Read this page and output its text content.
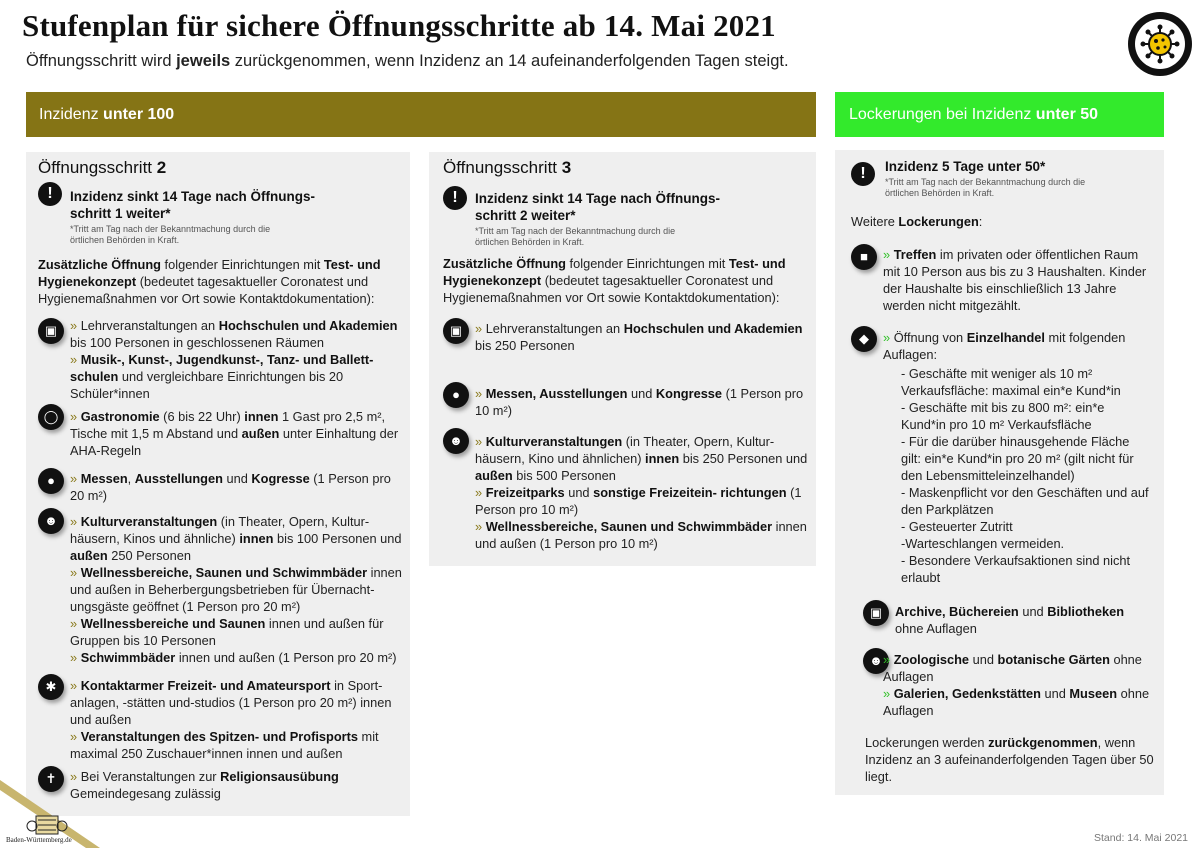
Stufenplan für sichere Öffnungsschritte ab 14. Mai 2021
Öffnungsschritt wird jeweils zurückgenommen, wenn Inzidenz an 14 aufeinanderfolgenden Tagen steigt.
Inzidenz unter 100	Lockerungen bei Inzidenz unter 50
Öffnungsschritt 2
!	Inzidenz sinkt 14 Tage nach Öffnungs- schritt 1 weiter*
*Tritt am Tag nach der Bekanntmachung durch die örtlichen Behörden in Kraft.
Zusätzliche Öffnung folgender Einrichtungen mit Test- und Hygienekonzept (bedeutet tagesaktueller Coronatest und Hygienemaßnahmen vor Ort sowie Kontaktdokumentation):
▣	» Lehrveranstaltungen an Hochschulen und Akademien bis 100 Personen in geschlossenen Räumen
» Musik-, Kunst-, Jugendkunst-, Tanz- und Ballett- schulen und vergleichbare Einrichtungen bis 20 Schüler*innen
◯ » Gastronomie (6 bis 22 Uhr) innen 1 Gast pro 2,5 m², Tische mit 1,5 m Abstand und außen unter Einhaltung der AHA-Regeln
●	» Messen, Ausstellungen und Kogresse (1 Person pro 20 m²)
☻ » Kulturveranstaltungen (in Theater, Opern, Kultur- häusern, Kinos und ähnliche) innen bis 100 Personen und außen 250 Personen
» Wellnessbereiche, Saunen und Schwimmbäder innen und außen in Beherbergungsbetrieben für Übernacht- ungsgäste geöffnet (1 Person pro 20 m²)
» Wellnessbereiche und Saunen innen und außen für Gruppen bis 10 Personen
» Schwimmbäder innen und außen (1 Person pro 20 m²)
✱	» Kontaktarmer Freizeit- und Amateursport in Sport- anlagen, -stätten und-studios (1 Person pro 20 m²) innen und außen
» Veranstaltungen des Spitzen- und Profisports mit maximal 250 Zuschauer*innen innen und außen
✝	» Bei Veranstaltungen zur Religionsausübung Gemeindegesang zulässig
Öffnungsschritt 3
!	Inzidenz sinkt 14 Tage nach Öffnungs- schritt 2 weiter*
*Tritt am Tag nach der Bekanntmachung durch die örtlichen Behörden in Kraft.
Zusätzliche Öffnung folgender Einrichtungen mit Test- und Hygienekonzept (bedeutet tagesaktueller Coronatest und Hygienemaßnahmen vor Ort sowie Kontaktdokumentation):
▣	» Lehrveranstaltungen an Hochschulen und Akademien bis 250 Personen
●	» Messen, Ausstellungen und Kongresse (1 Person pro 10 m²)
☻ » Kulturveranstaltungen (in Theater, Opern, Kultur- häusern, Kino und ähnlichen) innen bis 250 Personen und außen bis 500 Personen
» Freizeitparks und sonstige Freizeitein- richtungen (1 Person pro 10 m²)
» Wellnessbereiche, Saunen und Schwimmbäder innen und außen (1 Person pro 10 m²)
!	Inzidenz 5 Tage unter 50*
*Tritt am Tag nach der Bekanntmachung durch die örtlichen Behörden in Kraft.
Weitere Lockerungen:
■	» Treffen im privaten oder öffentlichen Raum mit 10 Person aus bis zu 3 Haushalten. Kinder der Haushalte bis einschließlich 13 Jahre werden nicht mitgezählt.
◆	» Öffnung von Einzelhandel mit folgenden Auflagen:
- Geschäfte mit weniger als 10 m² Verkaufsfläche: maximal ein*e Kund*in
- Geschäfte mit bis zu 800 m²: ein*e Kund*in pro 10 m² Verkaufsfläche
- Für die darüber hinausgehende Fläche gilt: ein*e Kund*in pro 20 m² (gilt nicht für den Lebensmitteleinzelhandel)
- Maskenpflicht vor den Geschäften und auf den Parkplätzen
- Gesteuerter Zutritt
-Warteschlangen vermeiden.
- Besondere Verkaufsaktionen sind nicht erlaubt
▣	Archive, Büchereien und Bibliotheken ohne Auflagen
☻ » Zoologische und botanische Gärten ohne Auflagen
» Galerien, Gedenkstätten und Museen ohne Auflagen
Lockerungen werden zurückgenommen, wenn Inzidenz an 3 aufeinanderfolgenden Tagen über 50 liegt.
Baden-Württemberg.de	Stand: 14. Mai 2021
